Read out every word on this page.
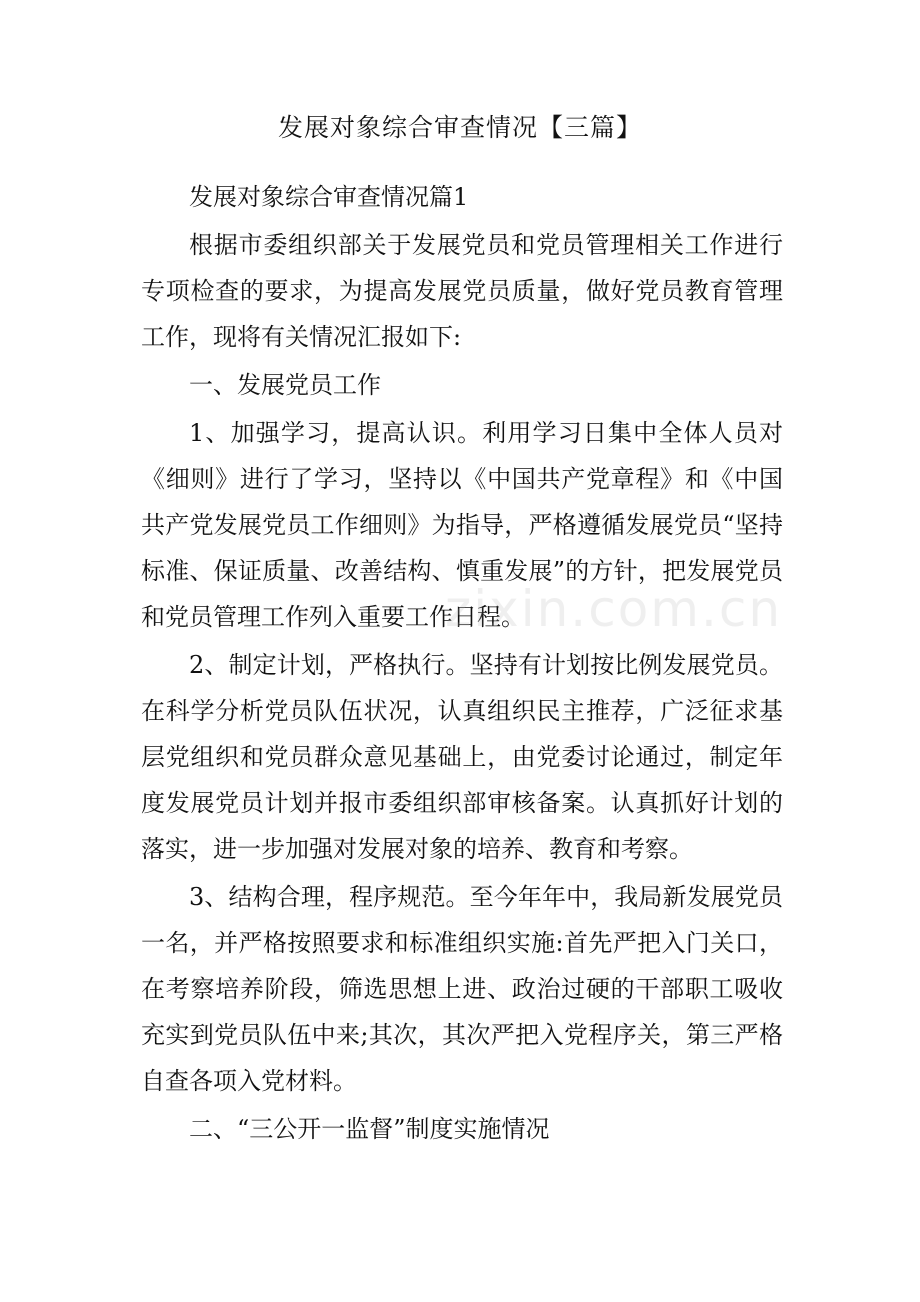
发展对象综合审查情况【三篇】

发展对象综合审查情况篇1

根据市委组织部关于发展党员和党员管理相关工作进行专项检查的要求，为提高发展党员质量，做好党员教育管理工作，现将有关情况汇报如下:

一、发展党员工作

1、加强学习，提高认识。利用学习日集中全体人员对《细则》进行了学习，坚持以《中国共产党章程》和《中国共产党发展党员工作细则》为指导，严格遵循发展党员“坚持标准、保证质量、改善结构、慎重发展”的方针，把发展党员和党员管理工作列入重要工作日程。

2、制定计划，严格执行。坚持有计划按比例发展党员。在科学分析党员队伍状况，认真组织民主推荐，广泛征求基层党组织和党员群众意见基础上，由党委讨论通过，制定年度发展党员计划并报市委组织部审核备案。认真抓好计划的落实，进一步加强对发展对象的培养、教育和考察。

3、结构合理，程序规范。至今年年中，我局新发展党员一名，并严格按照要求和标准组织实施:首先严把入门关口，在考察培养阶段，筛选思想上进、政治过硬的干部职工吸收充实到党员队伍中来;其次，其次严把入党程序关，第三严格自查各项入党材料。

二、“三公开一监督”制度实施情况

zixin.com.cn
